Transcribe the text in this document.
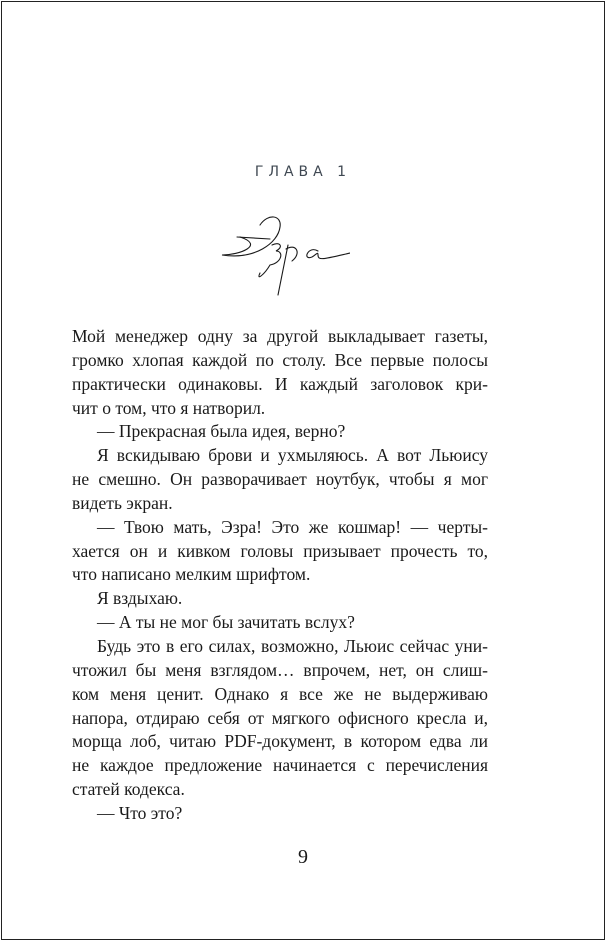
ГЛАВА 1
Мой менеджер одну за другой выкладывает газеты,
громко хлопая каждой по столу. Все первые полосы
практически одинаковы. И каждый заголовок кри-
чит о том, что я натворил.
— Прекрасная была идея, верно?
Я вскидываю брови и ухмыляюсь. А вот Льюису
не смешно. Он разворачивает ноутбук, чтобы я мог
видеть экран.
— Твою мать, Эзра! Это же кошмар! — черты-
хается он и кивком головы призывает прочесть то,
что написано мелким шрифтом.
Я вздыхаю.
— А ты не мог бы зачитать вслух?
Будь это в его силах, возможно, Льюис сейчас уни-
чтожил бы меня взглядом… впрочем, нет, он слиш-
ком меня ценит. Однако я все же не выдерживаю
напора, отдираю себя от мягкого офисного кресла и,
морща лоб, читаю PDF-документ, в котором едва ли
не каждое предложение начинается с перечисления
статей кодекса.
— Что это?
9
